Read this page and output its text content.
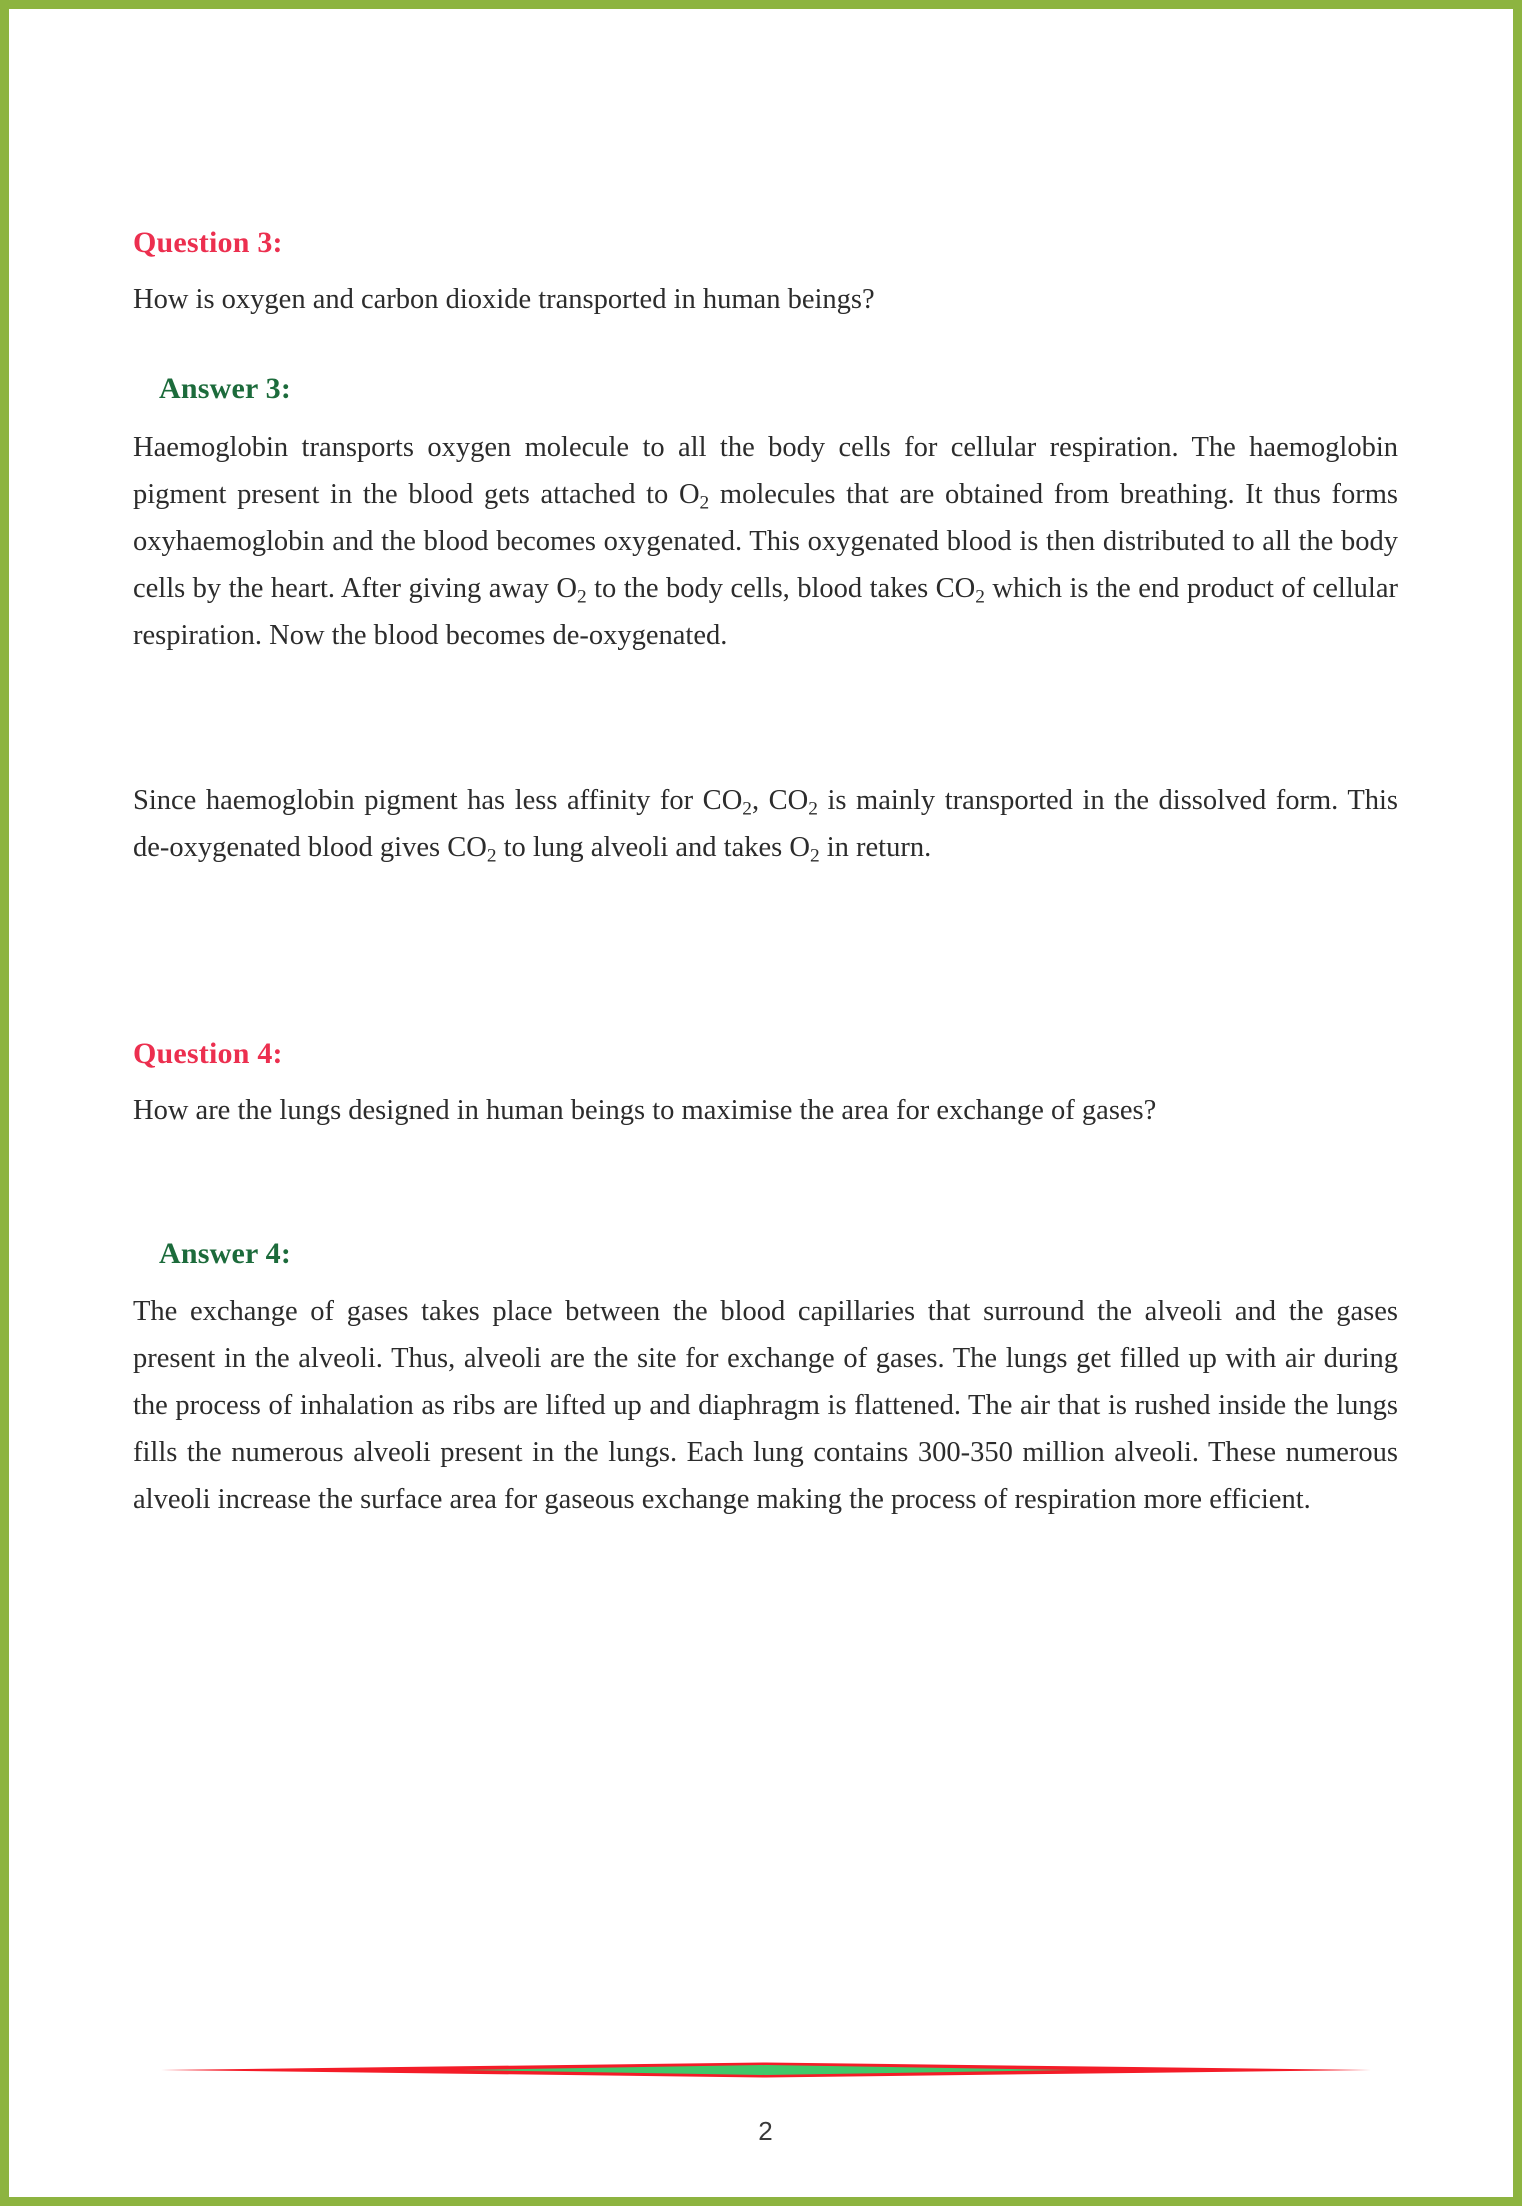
Question 3:

How is oxygen and carbon dioxide transported in human beings?

Answer 3:

Haemoglobin transports oxygen molecule to all the body cells for cellular respiration. The haemoglobin pigment present in the blood gets attached to $O_2$ molecules that are obtained from breathing. It thus forms oxyhaemoglobin and the blood becomes oxygenated. This oxygenated blood is then distributed to all the body cells by the heart. After giving away $O_2$ to the body cells, blood takes $CO_2$ which is the end product of cellular respiration. Now the blood becomes de-oxygenated.

Since haemoglobin pigment has less affinity for $CO_2$, $CO_2$ is mainly transported in the dissolved form. This de-oxygenated blood gives $CO_2$ to lung alveoli and takes $O_2$ in return.

Question 4:

How are the lungs designed in human beings to maximise the area for exchange of gases?

Answer 4:

The exchange of gases takes place between the blood capillaries that surround the alveoli and the gases present in the alveoli. Thus, alveoli are the site for exchange of gases. The lungs get filled up with air during the process of inhalation as ribs are lifted up and diaphragm is flattened. The air that is rushed inside the lungs fills the numerous alveoli present in the lungs. Each lung contains 300-350 million alveoli. These numerous alveoli increase the surface area for gaseous exchange making the process of respiration more efficient.

2
